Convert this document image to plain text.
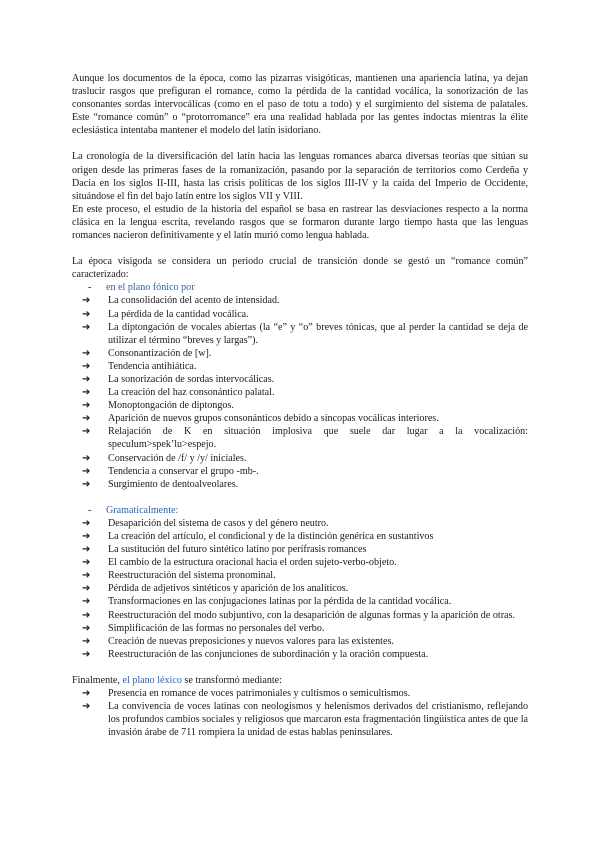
Aunque los documentos de la época, como las pizarras visigóticas, mantienen una apariencia latina, ya dejan traslucir rasgos que prefiguran el romance, como la pérdida de la cantidad vocálica, la sonorización de las consonantes sordas intervocálicas (como en el paso de totu a todo) y el surgimiento del sistema de palatales. Este “romance común” o “protorromance” era una realidad hablada por las gentes indoctas mientras la élite eclesiástica intentaba mantener el modelo del latín isidoriano.

La cronología de la diversificación del latín hacia las lenguas romances abarca diversas teorías que sitúan su origen desde las primeras fases de la romanización, pasando por la separación de territorios como Cerdeña y Dacia en los siglos II-III, hasta las crisis políticas de los siglos III-IV y la caída del Imperio de Occidente, situándose el fin del bajo latín entre los siglos VII y VIII.

En este proceso, el estudio de la historia del español se basa en rastrear las desviaciones respecto a la norma clásica en la lengua escrita, revelando rasgos que se formaron durante largo tiempo hasta que las lenguas romances nacieron definitivamente y el latín murió como lengua hablada.

La época visigoda se considera un periodo crucial de transición donde se gestó un “romance común” caracterizado:

-	en el plano fónico por
➔	La consolidación del acento de intensidad.
➔	La pérdida de la cantidad vocálica.
➔	La diptongación de vocales abiertas (la “e” y “o” breves tónicas, que al perder la cantidad se deja de utilizar el término “breves y largas”).
➔	Consonantización de [w].
➔	Tendencia antihiática.
➔	La sonorización de sordas intervocálicas.
➔	La creación del haz consonántico palatal.
➔	Monoptongación de diptongos.
➔	Aparición de nuevos grupos consonánticos debido a síncopas vocálicas interiores.
➔	Relajación de K en situación implosiva que suele dar lugar a la vocalización: speculum>spek’lu>espejo.
➔	Conservación de /f/ y /y/ iniciales.
➔	Tendencia a conservar el grupo -mb-.
➔	Surgimiento de dentoalveolares.
-	Gramaticalmente:
➔	Desaparición del sistema de casos y del género neutro.
➔	La creación del artículo, el condicional y de la distinción genérica en sustantivos
➔	La sustitución del futuro sintético latino por perífrasis romances
➔	El cambio de la estructura oracional hacia el orden sujeto-verbo-objeto.
➔	Reestructuración del sistema pronominal.
➔	Pérdida de adjetivos sintéticos y aparición de los analíticos.
➔	Transformaciones en las conjugaciones latinas por la pérdida de la cantidad vocálica.
➔	Reestructuración del modo subjuntivo, con la desaparición de algunas formas y la aparición de otras.
➔	Simplificación de las formas no personales del verbo.
➔	Creación de nuevas preposiciones y nuevos valores para las existentes.
➔	Reestructuración de las conjunciones de subordinación y la oración compuesta.

Finalmente, el plano léxico se transformó mediante:

➔	Presencia en romance de voces patrimoniales y cultismos o semicultismos.
➔	La convivencia de voces latinas con neologismos y helenismos derivados del cristianismo, reflejando los profundos cambios sociales y religiosos que marcaron esta fragmentación lingüística antes de que la invasión árabe de 711 rompiera la unidad de estas hablas peninsulares.
